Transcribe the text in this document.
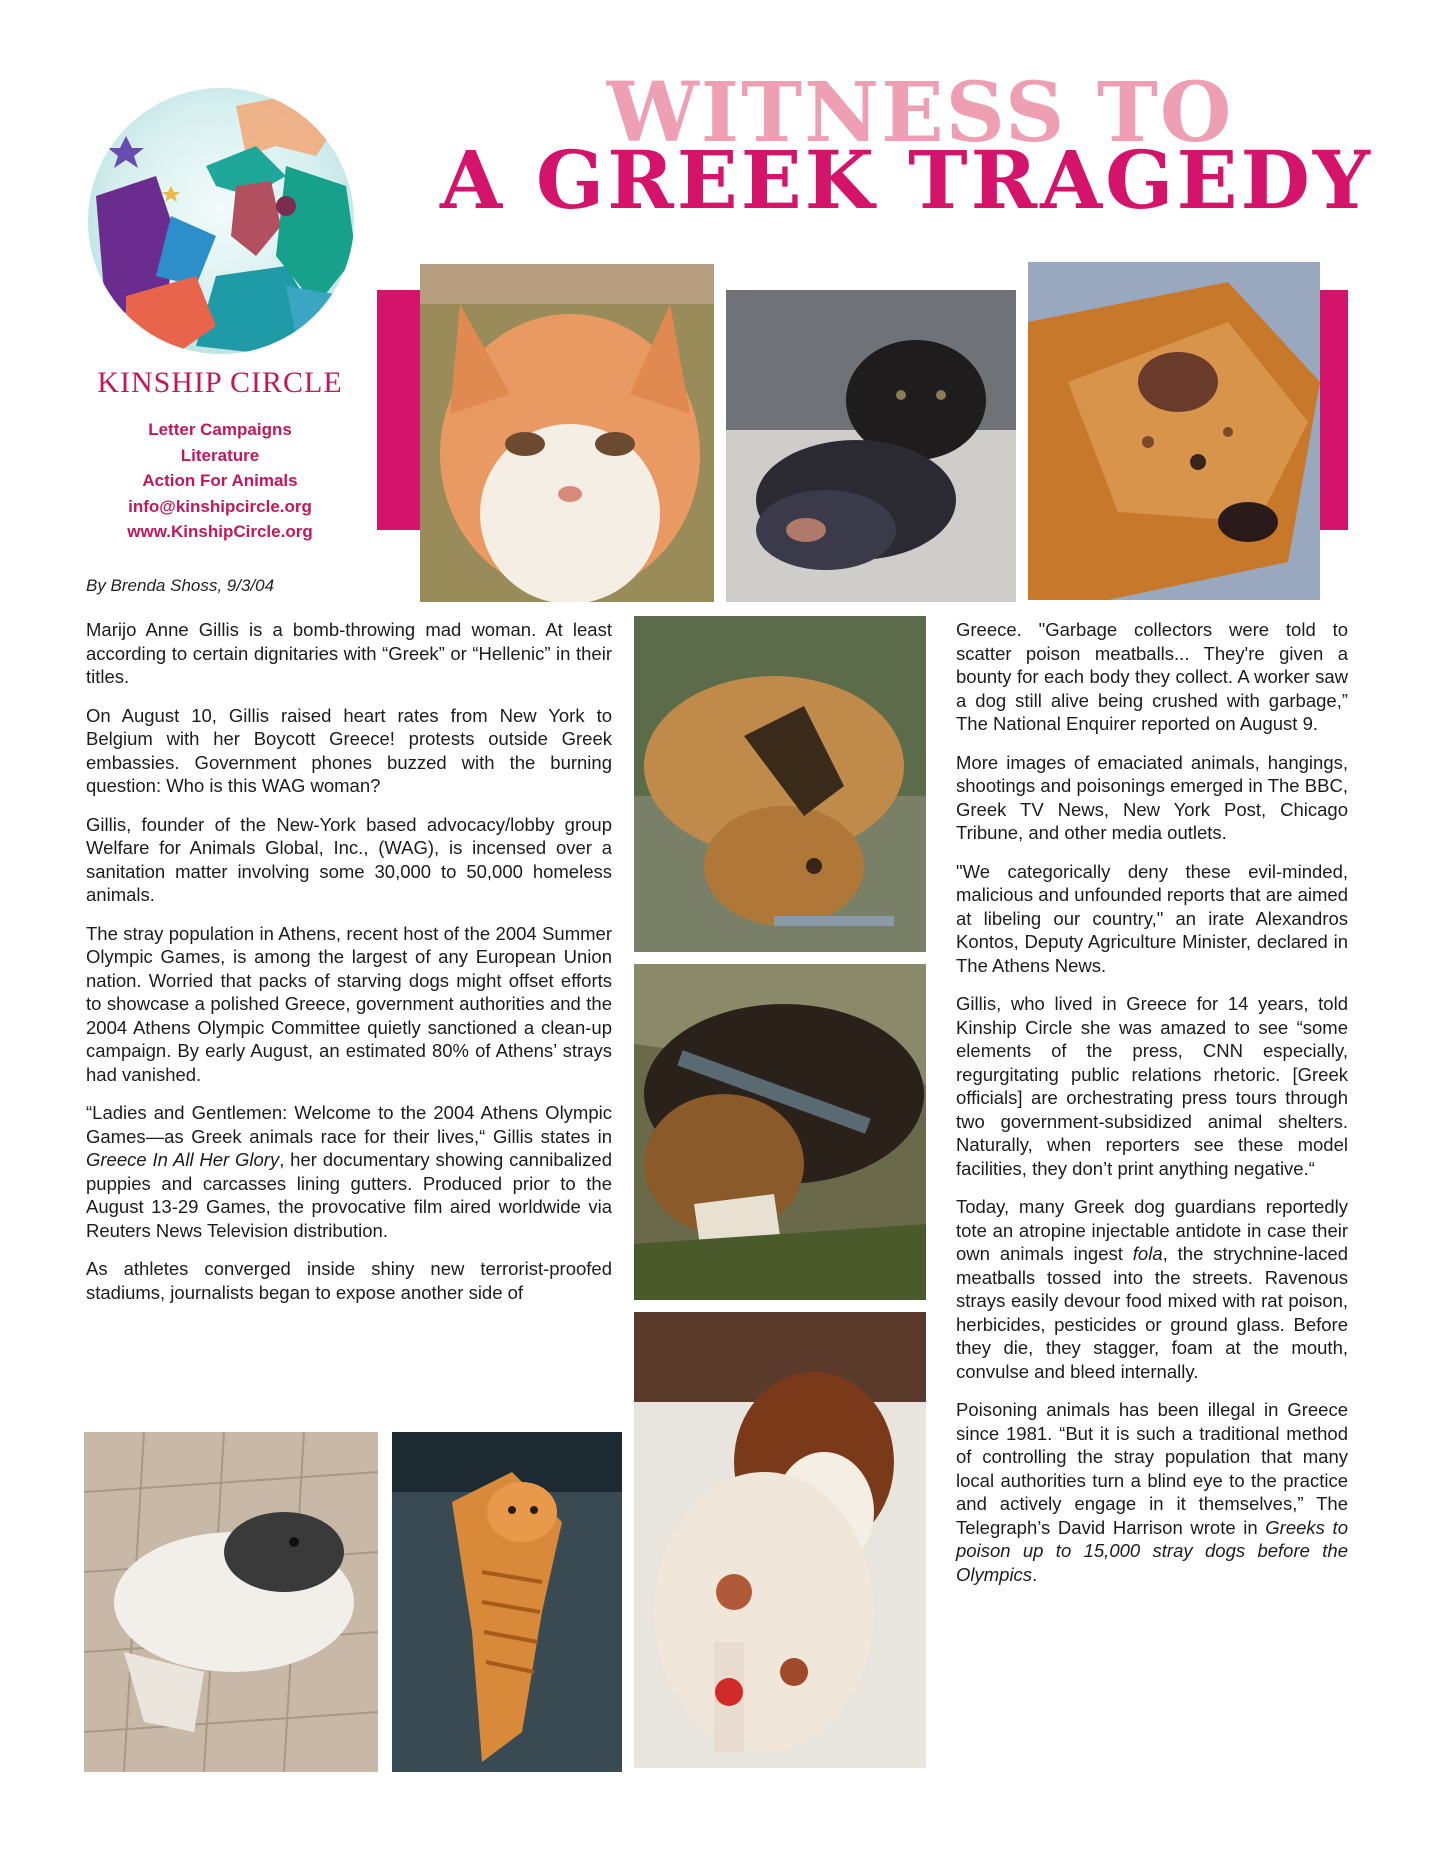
WITNESS TO
A GREEK TRAGEDY
KINSHIP CIRCLE
Letter Campaigns
Literature
Action For Animals
info@kinshipcircle.org
www.KinshipCircle.org
By Brenda Shoss, 9/3/04

Marijo Anne Gillis is a bomb-throwing mad woman. At least according to certain dignitaries with “Greek” or “Hellenic” in their titles.

On August 10, Gillis raised heart rates from New York to Belgium with her Boycott Greece! protests outside Greek embassies. Government phones buzzed with the burning question: Who is this WAG woman?

Gillis, founder of the New-York based advocacy/lobby group Welfare for Animals Global, Inc., (WAG), is incensed over a sanitation matter involving some 30,000 to 50,000 homeless animals.

The stray population in Athens, recent host of the 2004 Summer Olympic Games, is among the largest of any European Union nation. Worried that packs of starving dogs might offset efforts to showcase a polished Greece, government authorities and the 2004 Athens Olympic Committee quietly sanctioned a clean-up campaign. By early August, an estimated 80% of Athens’ strays had vanished.

“Ladies and Gentlemen: Welcome to the 2004 Athens Olympic Games—as Greek animals race for their lives,“ Gillis states in Greece In All Her Glory, her documentary showing cannibalized puppies and carcasses lining gutters. Produced prior to the August 13-29 Games, the provocative film aired worldwide via Reuters News Television distribution.

As athletes converged inside shiny new terrorist-proofed stadiums, journalists began to expose another side of

Greece. "Garbage collectors were told to scatter poison meatballs... They're given a bounty for each body they collect. A worker saw a dog still alive being crushed with garbage,” The National Enquirer reported on August 9.

More images of emaciated animals, hangings, shootings and poisonings emerged in The BBC, Greek TV News, New York Post, Chicago Tribune, and other media outlets.

"We categorically deny these evil-minded, malicious and unfounded reports that are aimed at libeling our country," an irate Alexandros Kontos, Deputy Agriculture Minister, declared in The Athens News.

Gillis, who lived in Greece for 14 years, told Kinship Circle she was amazed to see “some elements of the press, CNN especially, regurgitating public relations rhetoric. [Greek officials] are orchestrating press tours through two government-subsidized animal shelters. Naturally, when reporters see these model facilities, they don’t print anything negative.“

Today, many Greek dog guardians reportedly tote an atropine injectable antidote in case their own animals ingest fola, the strychnine-laced meatballs tossed into the streets. Ravenous strays easily devour food mixed with rat poison, herbicides, pesticides or ground glass. Before they die, they stagger, foam at the mouth, convulse and bleed internally.

Poisoning animals has been illegal in Greece since 1981. “But it is such a traditional method of controlling the stray population that many local authorities turn a blind eye to the practice and actively engage in it themselves,” The Telegraph’s David Harrison wrote in Greeks to poison up to 15,000 stray dogs before the Olympics.
